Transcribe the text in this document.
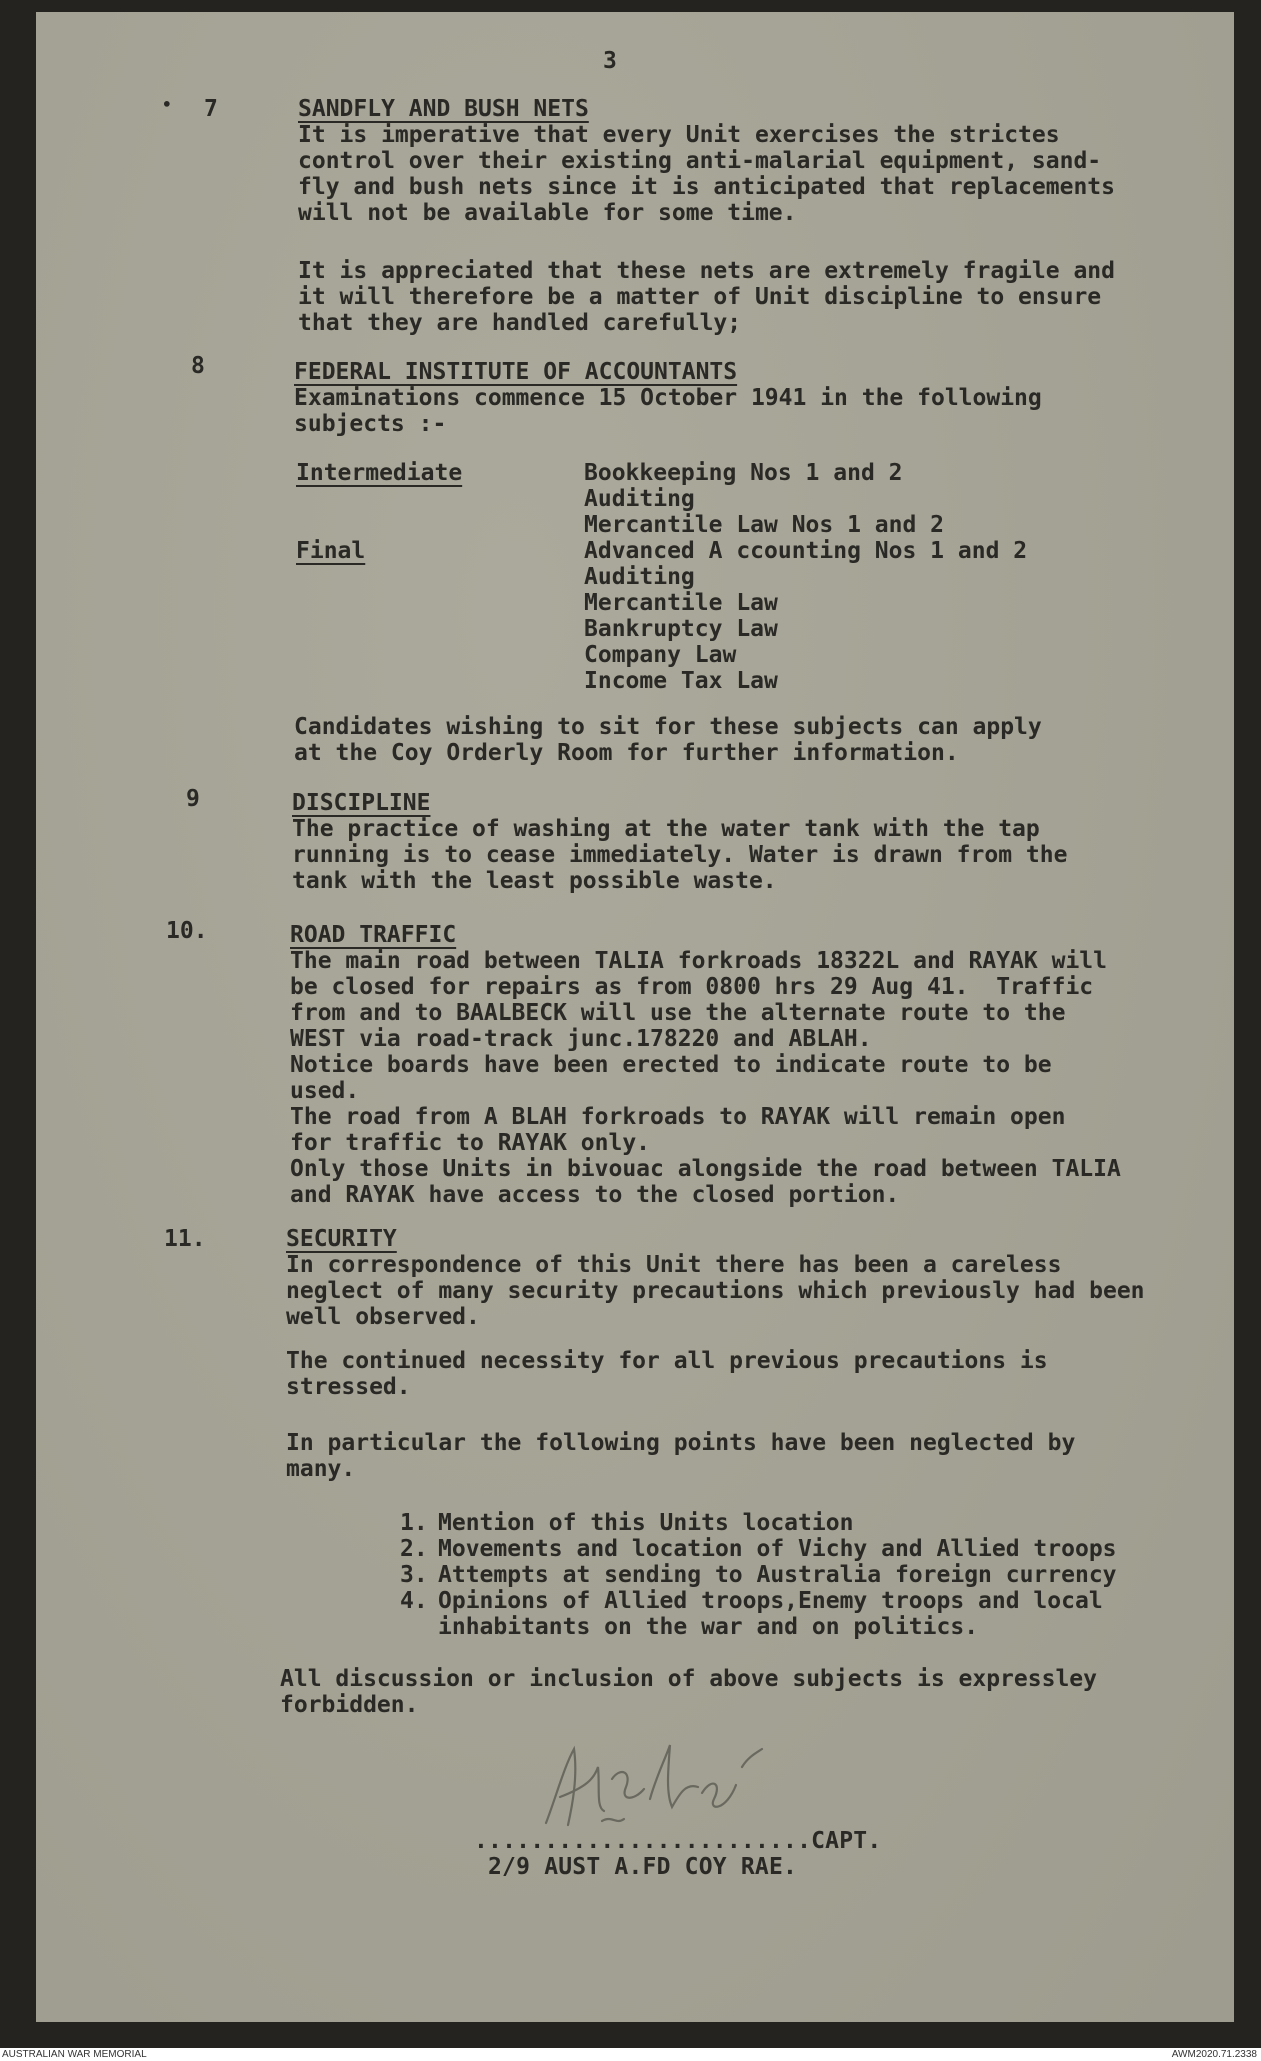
3
• 7	SANDFLY AND BUSH NETS
It is imperative that every Unit exercises the strictes
control over their existing anti-malarial equipment, sand-
fly and bush nets since it is anticipated that replacements
will not be available for some time.
It is appreciated that these nets are extremely fragile and
it will therefore be a matter of Unit discipline to ensure
that they are handled carefully;
8	FEDERAL INSTITUTE OF ACCOUNTANTS
Examinations commence 15 October 1941 in the following
subjects :-
Intermediate	Bookkeeping Nos 1 and 2
Auditing
Mercantile Law Nos 1 and 2
Final	Advanced A ccounting Nos 1 and 2
Auditing
Mercantile Law
Bankruptcy Law
Company Law
Income Tax Law
Candidates wishing to sit for these subjects can apply
at the Coy Orderly Room for further information.
9	DISCIPLINE
The practice of washing at the water tank with the tap
running is to cease immediately. Water is drawn from the
tank with the least possible waste.
10.	ROAD TRAFFIC
The main road between TALIA forkroads 18322L and RAYAK will
be closed for repairs as from 0800 hrs 29 Aug 41.  Traffic
from and to BAALBECK will use the alternate route to the
WEST via road-track junc.178220 and ABLAH.
Notice boards have been erected to indicate route to be
used.
The road from A BLAH forkroads to RAYAK will remain open
for traffic to RAYAK only.
Only those Units in bivouac alongside the road between TALIA
and RAYAK have access to the closed portion.
11.	SECURITY
In correspondence of this Unit there has been a careless
neglect of many security precautions which previously had been
well observed.
The continued necessity for all previous precautions is
stressed.
In particular the following points have been neglected by
many.
1. Mention of this Units location
2. Movements and location of Vichy and Allied troops
3. Attempts at sending to Australia foreign currency
4. Opinions of Allied troops,Enemy troops and local
inhabitants on the war and on politics.
All discussion or inclusion of above subjects is expressley
forbidden.
........................CAPT.
2/9 AUST A.FD COY RAE.
AUSTRALIAN WAR MEMORIAL	AWM2020.71.2338
